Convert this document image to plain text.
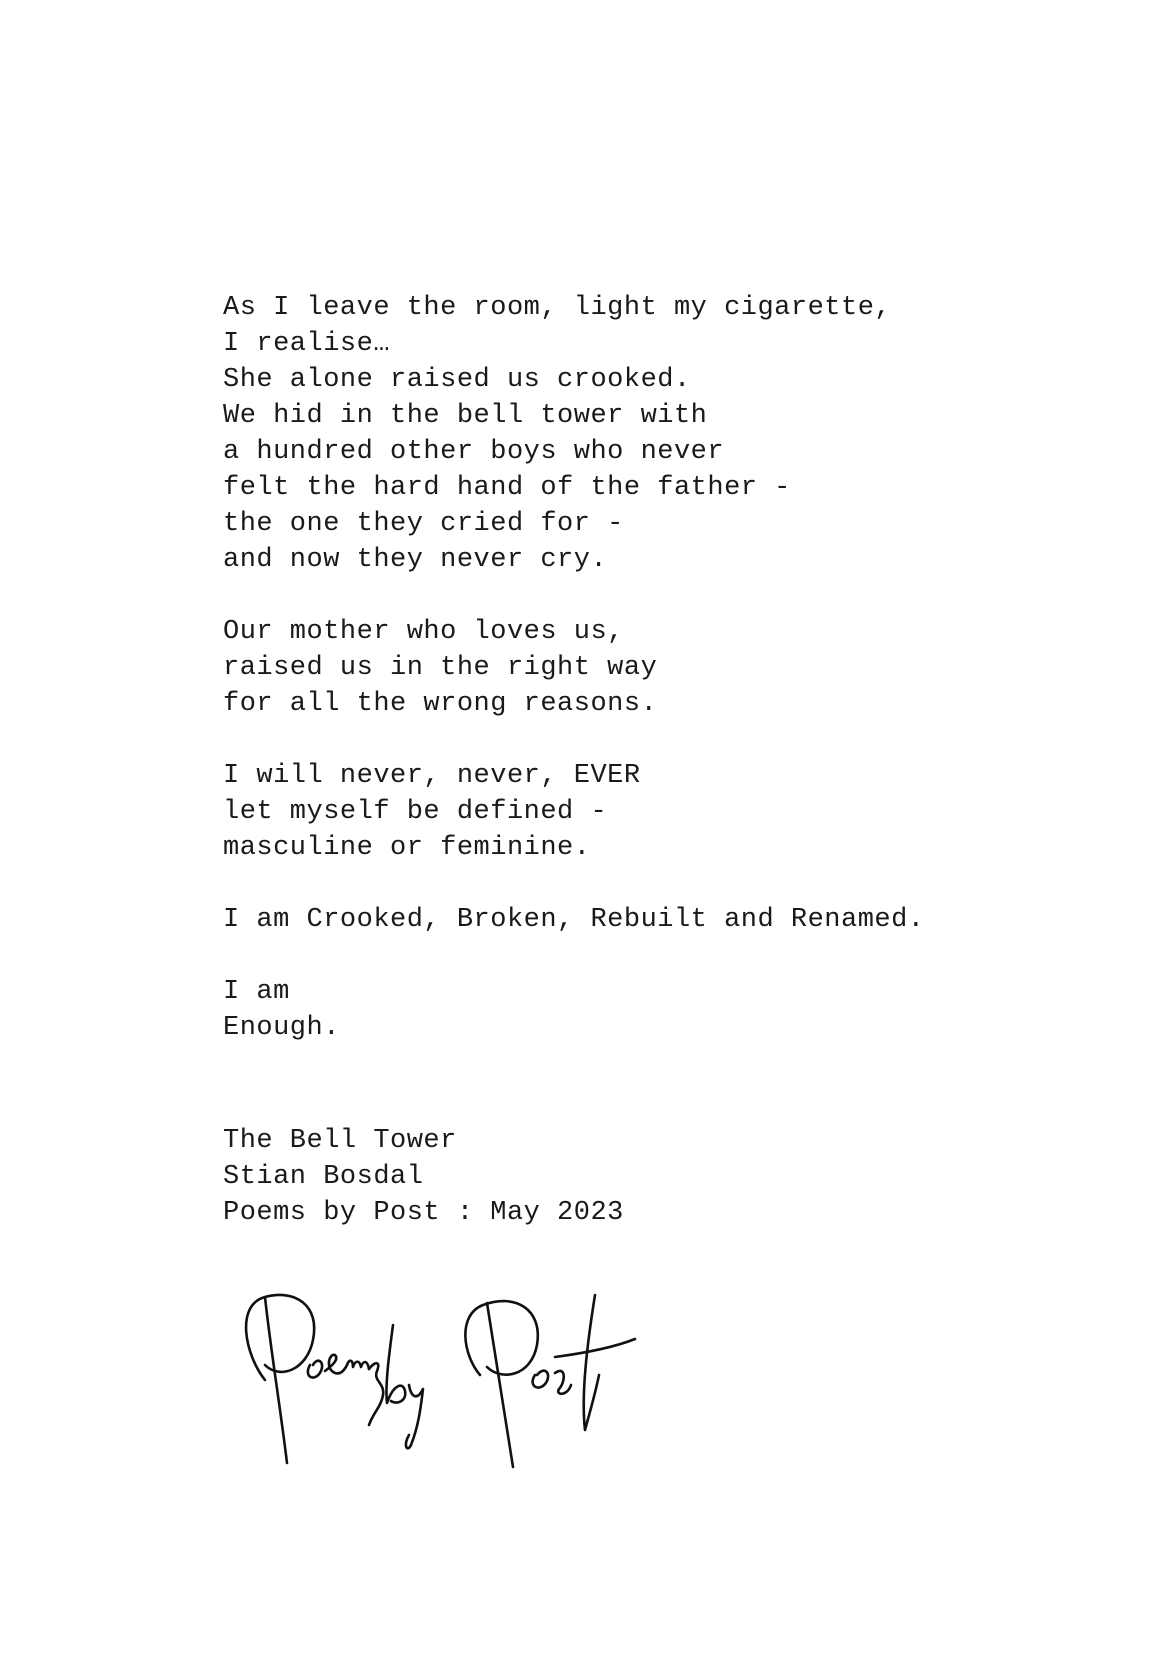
As I leave the room, light my cigarette,
I realise…
She alone raised us crooked.
We hid in the bell tower with
a hundred other boys who never
felt the hard hand of the father -
the one they cried for -
and now they never cry.
Our mother who loves us,
raised us in the right way
for all the wrong reasons.
I will never, never, EVER
let myself be defined -
masculine or feminine.
I am Crooked, Broken, Rebuilt and Renamed.
I am
Enough.
The Bell Tower
Stian Bosdal
Poems by Post : May 2023
